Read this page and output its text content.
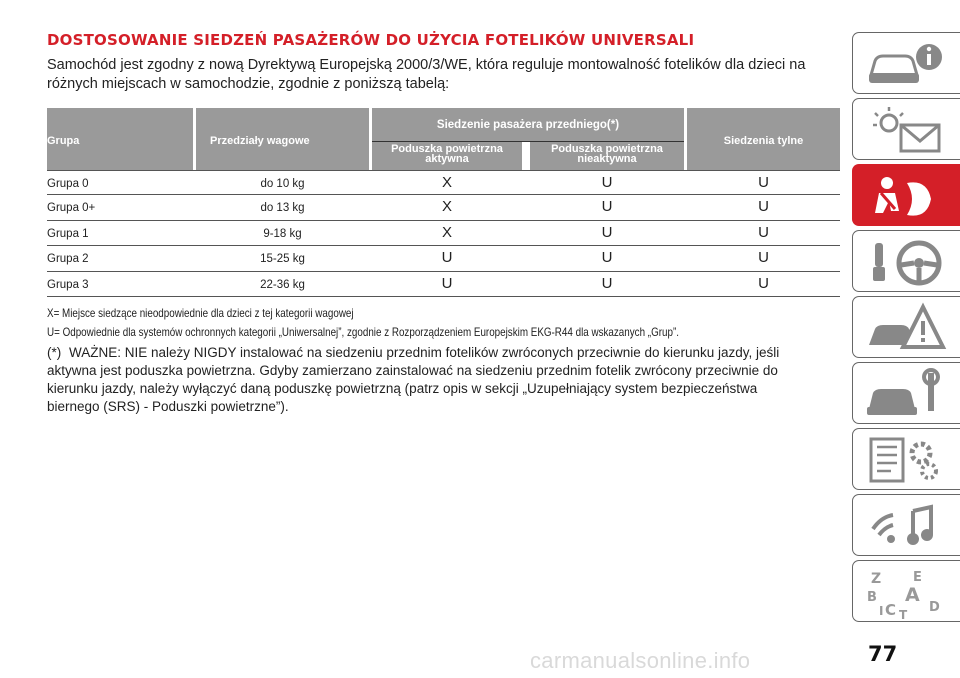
DOSTOSOWANIE SIEDZEŃ PASAŻERÓW DO UŻYCIA FOTELIKÓW UNIVERSALI
Samochód jest zgodny z nową Dyrektywą Europejską 2000/3/WE, która reguluje montowalność fotelików dla dzieci na różnych miejscach w samochodzie, zgodnie z poniższą tabelą:
Grupa	Przedziały wagowe
Siedzenie pasażera przedniego(*)
Poduszka powietrzna aktywna
Poduszka powietrzna nieaktywna
Siedzenia tylne
Grupa 0	do 10 kg	X	U	U
Grupa 0+	do 13 kg	X	U	U
Grupa 1	9-18 kg	X	U	U
Grupa 2	15-25 kg	U	U	U
Grupa 3	22-36 kg	U	U	U
X= Miejsce siedzące nieodpowiednie dla dzieci z tej kategorii wagowej
U= Odpowiednie dla systemów ochronnych kategorii „Uniwersalnej”, zgodnie z Rozporządzeniem Europejskim EKG-R44 dla wskazanych „Grup”.
(*) WAŻNE: NIE należy NIGDY instalować na siedzeniu przednim fotelików zwróconych przeciwnie do kierunku jazdy, jeśli aktywna jest poduszka powietrzna. Gdyby zamierzano zainstalować na siedzeniu przednim fotelik zwrócony przeciwnie do kierunku jazdy, należy wyłączyć daną poduszkę powietrzną (patrz opis w sekcji „Uzupełniający system bezpieczeństwa biernego (SRS) - Poduszki powietrzne”).
Z E
B A
C	D
T
I
carmanualsonline.info	77
